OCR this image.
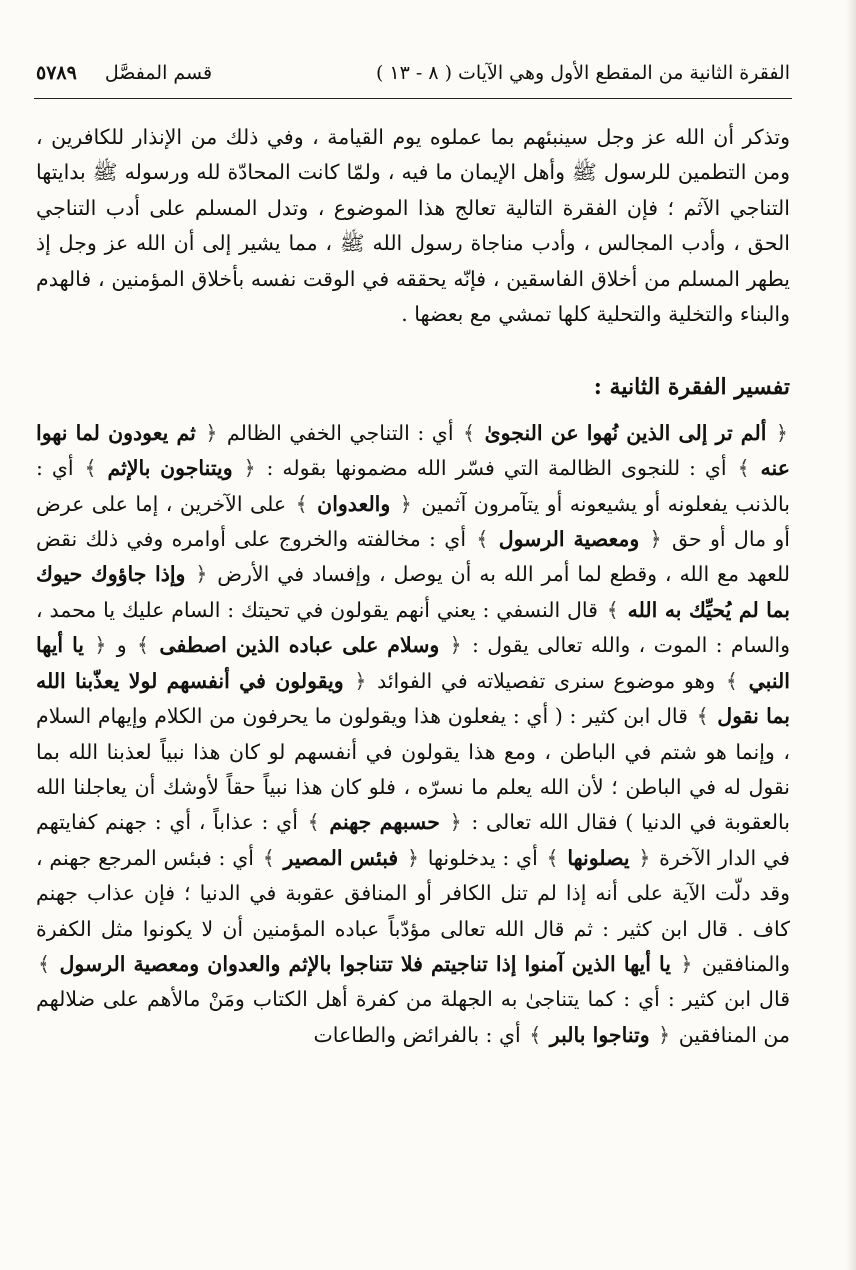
الفقرة الثانية من المقطع الأول وهي الآيات ( ٨ - ١٣ )
قسم المفصَّل
٥٧٨٩

وتذكر أن الله عز وجل سينبئهم بما عملوه يوم القيامة ، وفي ذلك من الإنذار للكافرين ، ومن التطمين للرسول ﷺ وأهل الإيمان ما فيه ، ولمّا كانت المحادّة لله ورسوله ﷺ بدايتها التناجي الآثم ؛ فإن الفقرة التالية تعالج هذا الموضوع ، وتدل المسلم على أدب التناجي الحق ، وأدب المجالس ، وأدب مناجاة رسول الله ﷺ ، مما يشير إلى أن الله عز وجل إذ يطهر المسلم من أخلاق الفاسقين ، فإنّه يحققه في الوقت نفسه بأخلاق المؤمنين ، فالهدم والبناء والتخلية والتحلية كلها تمشي مع بعضها .

تفسير الفقرة الثانية :

﴿ ألم تر إلى الذين نُهوا عن النجوىٰ ﴾ أي : التناجي الخفي الظالم ﴿ ثم يعودون لما نهوا عنه ﴾ أي : للنجوى الظالمة التي فسّر الله مضمونها بقوله : ﴿ ويتناجون بالإثم ﴾ أي : بالذنب يفعلونه أو يشيعونه أو يتآمرون آثمين ﴿ والعدوان ﴾ على الآخرين ، إما على عرض أو مال أو حق ﴿ ومعصية الرسول ﴾ أي : مخالفته والخروج على أوامره وفي ذلك نقض للعهد مع الله ، وقطع لما أمر الله به أن يوصل ، وإفساد في الأرض ﴿ وإذا جاؤوك حيوك بما لم يُحيِّك به الله ﴾ قال النسفي : يعني أنهم يقولون في تحيتك : السام عليك يا محمد ، والسام : الموت ، والله تعالى يقول : ﴿ وسلام على عباده الذين اصطفى ﴾ و ﴿ يا أيها النبي ﴾ وهو موضوع سنرى تفصيلاته في الفوائد ﴿ ويقولون في أنفسهم لولا يعذّبنا الله بما نقول ﴾ قال ابن كثير : ( أي : يفعلون هذا ويقولون ما يحرفون من الكلام وإيهام السلام ، وإنما هو شتم في الباطن ، ومع هذا يقولون في أنفسهم لو كان هذا نبياً لعذبنا الله بما نقول له في الباطن ؛ لأن الله يعلم ما نسرّه ، فلو كان هذا نبياً حقاً لأوشك أن يعاجلنا الله بالعقوبة في الدنيا ) فقال الله تعالى : ﴿ حسبهم جهنم ﴾ أي : عذاباً ، أي : جهنم كفايتهم في الدار الآخرة ﴿ يصلونها ﴾ أي : يدخلونها ﴿ فبئس المصير ﴾ أي : فبئس المرجع جهنم ، وقد دلّت الآية على أنه إذا لم تنل الكافر أو المنافق عقوبة في الدنيا ؛ فإن عذاب جهنم كاف . قال ابن كثير : ثم قال الله تعالى مؤدّباً عباده المؤمنين أن لا يكونوا مثل الكفرة والمنافقين ﴿ يا أيها الذين آمنوا إذا تناجيتم فلا تتناجوا بالإثم والعدوان ومعصية الرسول ﴾ قال ابن كثير : أي : كما يتناجىٰ به الجهلة من كفرة أهل الكتاب ومَنْ مالأهم على ضلالهم من المنافقين ﴿ وتناجوا بالبر ﴾ أي : بالفرائض والطاعات
